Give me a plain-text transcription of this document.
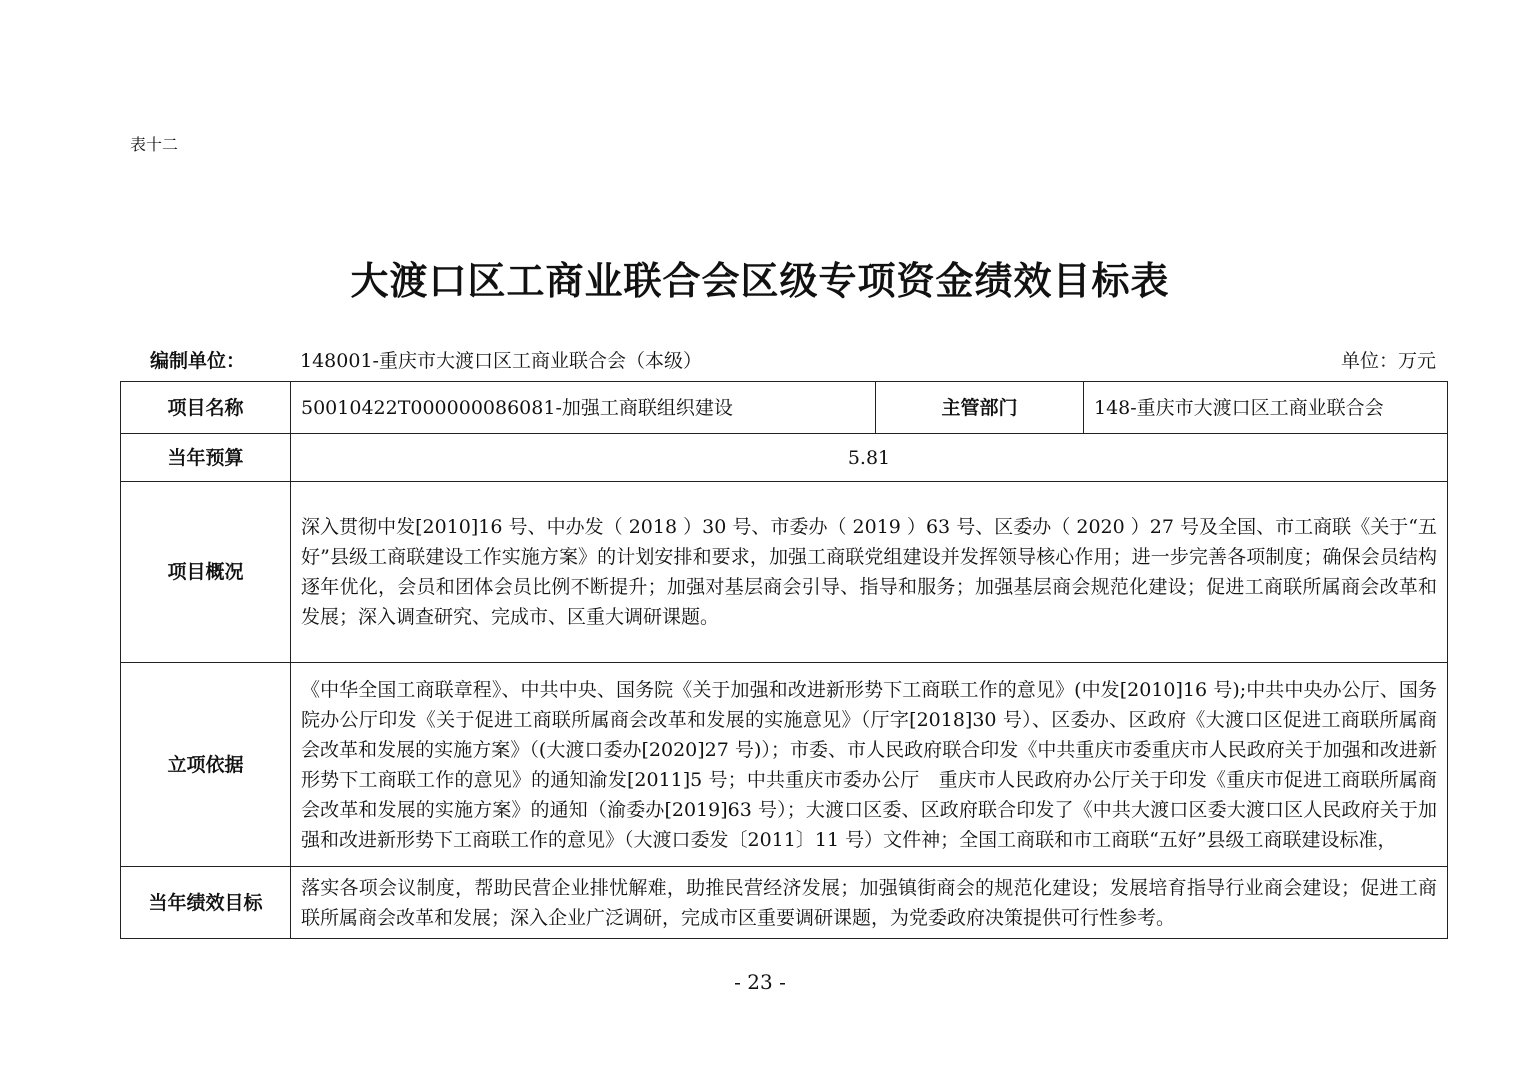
表十二
大渡口区工商业联合会区级专项资金绩效目标表
编制单位：	148001-重庆市大渡口区工商业联合会（本级）	单位：万元
项目名称	50010422T000000086081-加强工商联组织建设	主管部门	148-重庆市大渡口区工商业联合会
当年预算	5.81		
项目概况	深入贯彻中发[2010]16 号、中办发（ 2018 ）30 号、市委办（ 2019 ）63 号、区委办（ 2020 ）27 号及全国、市工商联《关于“五好”县级工商联建设工作实施方案》的计划安排和要求，加强工商联党组建设并发挥领导核心作用；进一步完善各项制度；确保会员结构逐年优化，会员和团体会员比例不断提升；加强对基层商会引导、指导和服务；加强基层商会规范化建设；促进工商联所属商会改革和发展；深入调查研究、完成市、区重大调研课题。		
立项依据	《中华全国工商联章程》、中共中央、国务院《关于加强和改进新形势下工商联工作的意见》(中发[2010]16 号);中共中央办公厅、国务院办公厅印发《关于促进工商联所属商会改革和发展的实施意见》（厅字[2018]30 号）、区委办、区政府《大渡口区促进工商联所属商会改革和发展的实施方案》（(大渡口委办[2020]27 号)）；市委、市人民政府联合印发《中共重庆市委重庆市人民政府关于加强和改进新形势下工商联工作的意见》的通知渝发[2011]5 号；中共重庆市委办公厅　重庆市人民政府办公厅关于印发《重庆市促进工商联所属商会改革和发展的实施方案》的通知（渝委办[2019]63 号）；大渡口区委、区政府联合印发了《中共大渡口区委大渡口区人民政府关于加强和改进新形势下工商联工作的意见》（大渡口委发〔2011〕11 号）文件神；全国工商联和市工商联“五好”县级工商联建设标准，		
当年绩效目标	落实各项会议制度，帮助民营企业排忧解难，助推民营经济发展；加强镇街商会的规范化建设；发展培育指导行业商会建设；促进工商联所属商会改革和发展；深入企业广泛调研，完成市区重要调研课题，为党委政府决策提供可行性参考。		
- 23 -
